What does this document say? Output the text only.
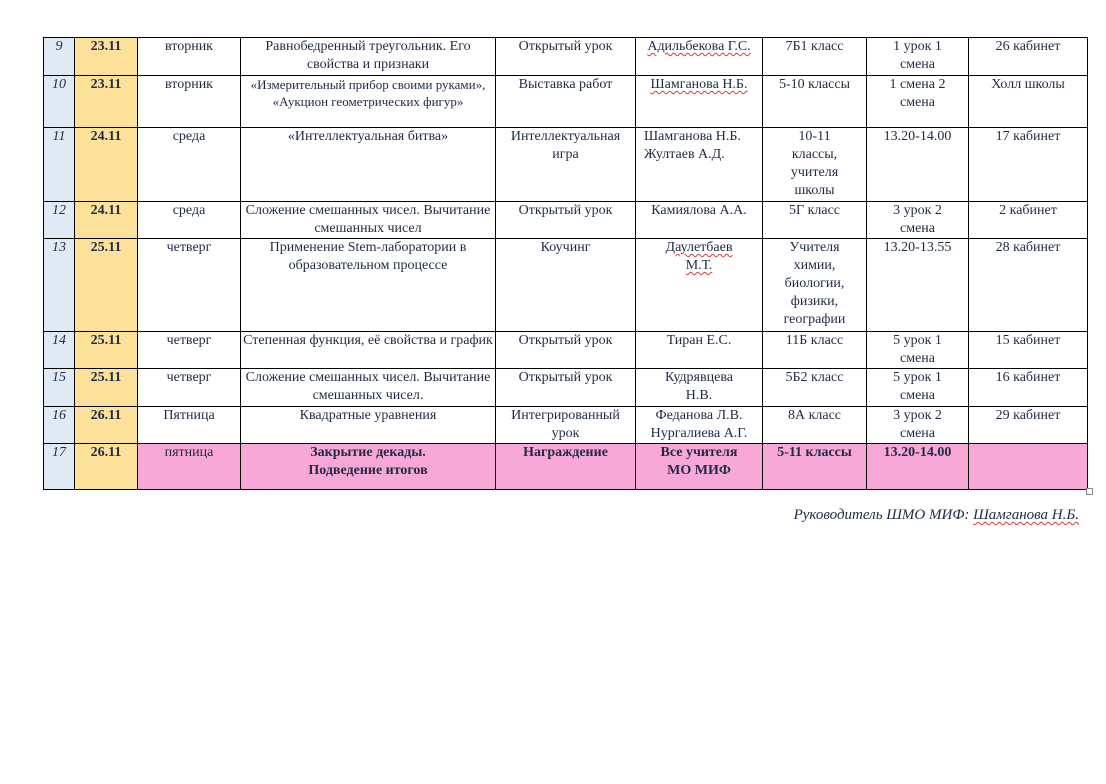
9	23.11	вторник	Равнобедренный треугольник. Его свойства и признаки	Открытый урок	Адильбекова Г.С.	7Б1 класс	1 урок 1 смена	26 кабинет
10	23.11	вторник	«Измерительный прибор своими руками», «Аукцион геометрических фигур»	Выставка работ	Шамганова Н.Б.	5-10 классы	1 смена 2 смена	Холл школы
11	24.11	среда	«Интеллектуальная битва»	Интеллектуальная игра	Шамганова Н.Б. Жултаев А.Д.	10-11 классы, учителя школы	13.20-14.00	17 кабинет
12	24.11	среда	Сложение смешанных чисел. Вычитание смешанных чисел	Открытый урок	Камиялова А.А.	5Г класс	3 урок 2 смена	2 кабинет
13	25.11	четверг	Применение Stem-лаборатории в образовательном процессе	Коучинг	Даулетбаев М.Т.	Учителя химии, биологии, физики, географии	13.20-13.55	28 кабинет
14	25.11	четверг	Степенная функция, её свойства и график	Открытый урок	Тиран Е.С.	11Б класс	5 урок 1 смена	15 кабинет
15	25.11	четверг	Сложение смешанных чисел. Вычитание смешанных чисел.	Открытый урок	Кудрявцева Н.В.	5Б2 класс	5 урок 1 смена	16 кабинет
16	26.11	Пятница	Квадратные уравнения	Интегрированный урок	Феданова Л.В. Нургалиева А.Г.	8А класс	3 урок 2 смена	29 кабинет
17	26.11	пятница	Закрытие декады. Подведение итогов	Награждение	Все учителя МО МИФ	5-11 классы	13.20-14.00	
Руководитель ШМО МИФ: Шамганова Н.Б.
